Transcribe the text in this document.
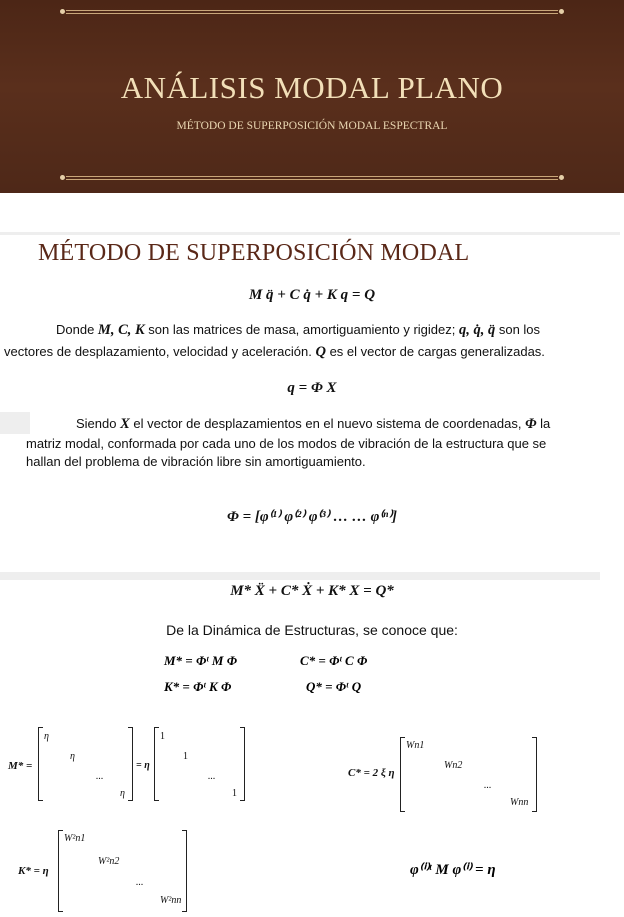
ANÁLISIS MODAL PLANO
MÉTODO DE SUPERPOSICIÓN MODAL ESPECTRAL
MÉTODO DE SUPERPOSICIÓN MODAL
M q̈ + C q̇ + K q = Q
Donde M, C, K son las matrices de masa, amortiguamiento y rigidez; q, q̇, q̈ son los
vectores de desplazamiento, velocidad y aceleración. Q es el vector de cargas generalizadas.
q = Φ X
Siendo X el vector de desplazamientos en el nuevo sistema de coordenadas, Φ la
matriz modal, conformada por cada uno de los modos de vibración de la estructura que se
hallan del problema de vibración libre sin amortiguamiento.
Φ = [φ⁽¹⁾ φ⁽²⁾ φ⁽³⁾ … … φ⁽ⁿ⁾]
M* Ẍ + C* Ẋ + K* X = Q*
De la Dinámica de Estructuras, se conoce que:
M* = Φᵗ M Φ	C* = Φᵗ C Φ
K* = Φᵗ K Φ	Q* = Φᵗ Q
M* =
η
η
...
η
= η
1
1
...
1
C* = 2 ξ η
Wn1
Wn2
...
Wnn
K* = η
W²n1
W²n2
...
W²nn
φ⁽ⁱ⁾ᵗ M φ⁽ⁱ⁾ = η
